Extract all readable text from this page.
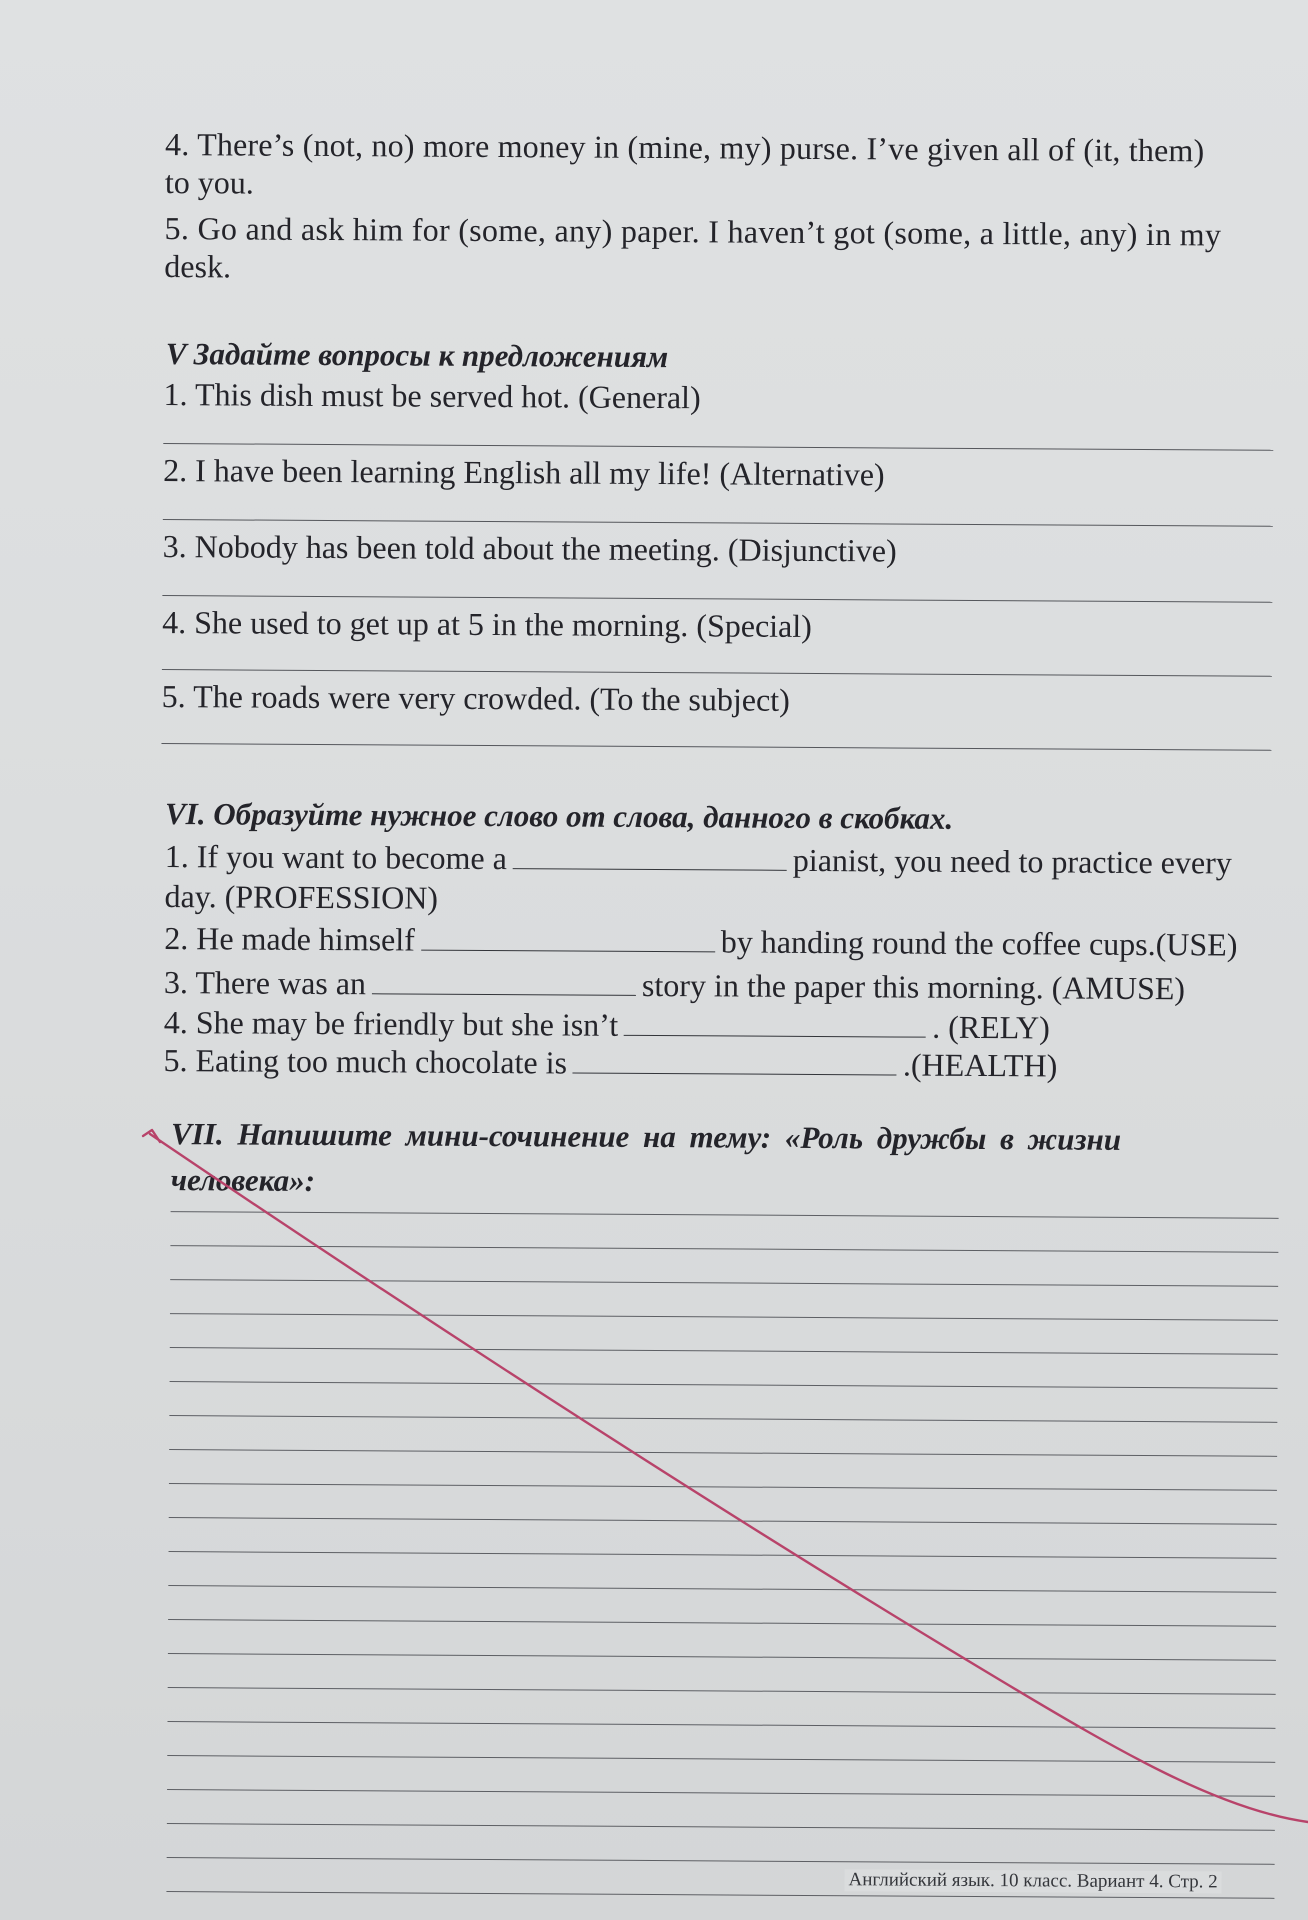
4. There’s (not, no) more money in (mine, my) purse. I’ve given all of (it, them)
to you.
5. Go and ask him for (some, any) paper. I haven’t got (some, a little, any) in my
desk.
V Задайте вопросы к предложениям
1. This dish must be served hot. (General)
2. I have been learning English all my life! (Alternative)
3. Nobody has been told about the meeting. (Disjunctive)
4. She used to get up at 5 in the morning. (Special)
5. The roads were very crowded. (To the subject)
VI. Образуйте нужное слово от слова, данного в скобках.
1. If you want to become a	pianist, you need to practice every
day. (PROFESSION)
2. He made himself	by handing round the coffee cups.(USE)
3. There was an	story in the paper this morning. (AMUSE)
4. She may be friendly but she isn’t	. (RELY)
5. Eating too much chocolate is	.(HEALTH)
VII. Напишите мини-сочинение на тему: «Роль дружбы в жизни
человека»:
Английский язык. 10 класс. Вариант 4. Стр. 2
